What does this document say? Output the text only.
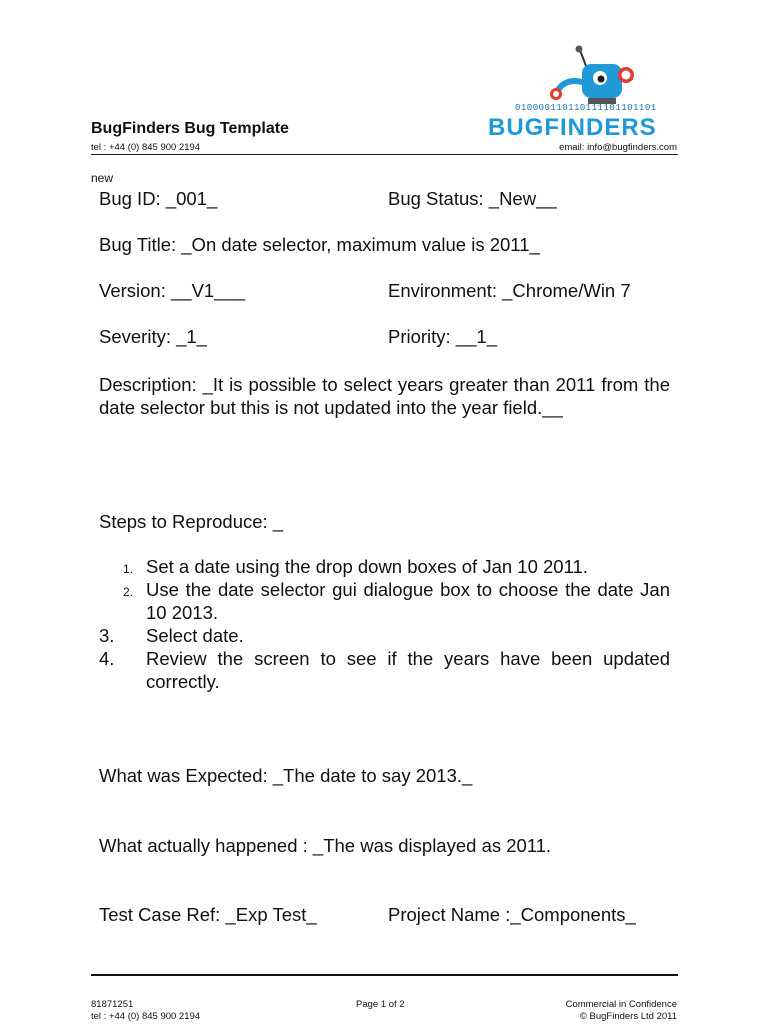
010000110110111101101101
BUGFINDERS
BugFinders Bug Template
tel : +44 (0) 845 900 2194	email: info@bugfinders.com
new
Bug ID: _001_	Bug Status: _New__
Bug Title: _On date selector, maximum value is 2011_
Version: __V1___	Environment: _Chrome/Win 7
Severity: _1_	Priority: __1_
Description: _It is possible to select years greater than 2011 from the date selector but this is not updated into the year field.__
Steps to Reproduce: _
1. Set a date using the drop down boxes of Jan 10 2011.
2. Use the date selector gui dialogue box to choose the date Jan 10 2013.
3. Select date.
4. Review the screen to see if the years have been updated correctly.
What was Expected: _The date to say 2013._
What actually happened : _The was displayed as 2011.
Test Case Ref: _Exp Test_	Project Name :_Components_
81871251
tel : +44 (0) 845 900 2194
Page 1 of 2	Commercial in Confidence
© BugFinders Ltd 2011
